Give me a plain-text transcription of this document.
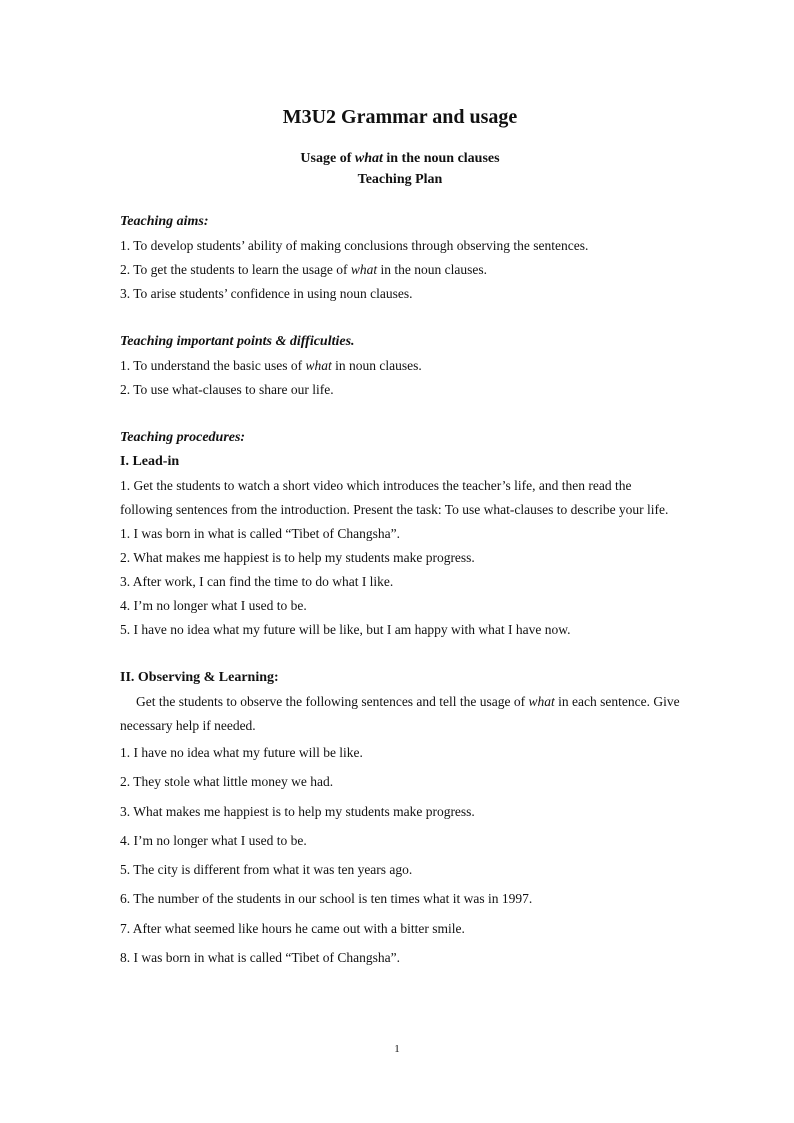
M3U2 Grammar and usage

Usage of what in the noun clauses

Teaching Plan

Teaching aims:

1. To develop students’ ability of making conclusions through observing the sentences.

2. To get the students to learn the usage of what in the noun clauses.

3. To arise students’ confidence in using noun clauses.

Teaching important points & difficulties.

1. To understand the basic uses of what in noun clauses.

2. To use what-clauses to share our life.

Teaching procedures:

I. Lead-in

1. Get the students to watch a short video which introduces the teacher’s life, and then read the following sentences from the introduction. Present the task: To use what-clauses to describe your life.

1. I was born in what is called “Tibet of Changsha”.

2. What makes me happiest is to help my students make progress.

3. After work, I can find the time to do what I like.

4. I’m no longer what I used to be.

5. I have no idea what my future will be like, but I am happy with what I have now.

II. Observing & Learning:

Get the students to observe the following sentences and tell the usage of what in each sentence. Give necessary help if needed.

1. I have no idea what my future will be like.

2. They stole what little money we had.

3. What makes me happiest is to help my students make progress.

4. I’m no longer what I used to be.

5. The city is different from what it was ten years ago.

6. The number of the students in our school is ten times what it was in 1997.

7. After what seemed like hours he came out with a bitter smile.

8. I was born in what is called “Tibet of Changsha”.

1
